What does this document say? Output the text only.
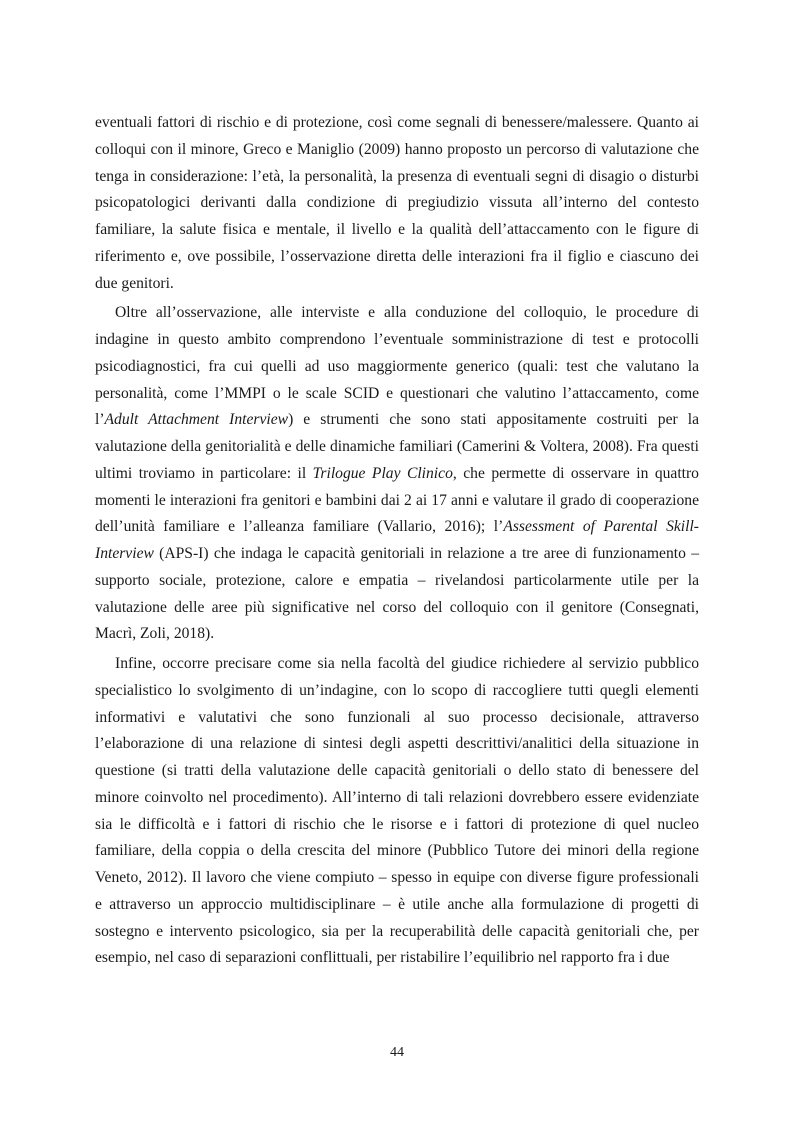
eventuali fattori di rischio e di protezione, così come segnali di benessere/malessere. Quanto ai colloqui con il minore, Greco e Maniglio (2009) hanno proposto un percorso di valutazione che tenga in considerazione: l’età, la personalità, la presenza di eventuali segni di disagio o disturbi psicopatologici derivanti dalla condizione di pregiudizio vissuta all’interno del contesto familiare, la salute fisica e mentale, il livello e la qualità dell’attaccamento con le figure di riferimento e, ove possibile, l’osservazione diretta delle interazioni fra il figlio e ciascuno dei due genitori.

Oltre all’osservazione, alle interviste e alla conduzione del colloquio, le procedure di indagine in questo ambito comprendono l’eventuale somministrazione di test e protocolli psicodiagnostici, fra cui quelli ad uso maggiormente generico (quali: test che valutano la personalità, come l’MMPI o le scale SCID e questionari che valutino l’attaccamento, come l’Adult Attachment Interview) e strumenti che sono stati appositamente costruiti per la valutazione della genitorialità e delle dinamiche familiari (Camerini & Voltera, 2008). Fra questi ultimi troviamo in particolare: il Trilogue Play Clinico, che permette di osservare in quattro momenti le interazioni fra genitori e bambini dai 2 ai 17 anni e valutare il grado di cooperazione dell’unità familiare e l’alleanza familiare (Vallario, 2016); l’Assessment of Parental Skill-Interview (APS-I) che indaga le capacità genitoriali in relazione a tre aree di funzionamento – supporto sociale, protezione, calore e empatia – rivelandosi particolarmente utile per la valutazione delle aree più significative nel corso del colloquio con il genitore (Consegnati, Macrì, Zoli, 2018).

Infine, occorre precisare come sia nella facoltà del giudice richiedere al servizio pubblico specialistico lo svolgimento di un’indagine, con lo scopo di raccogliere tutti quegli elementi informativi e valutativi che sono funzionali al suo processo decisionale, attraverso l’elaborazione di una relazione di sintesi degli aspetti descrittivi/analitici della situazione in questione (si tratti della valutazione delle capacità genitoriali o dello stato di benessere del minore coinvolto nel procedimento). All’interno di tali relazioni dovrebbero essere evidenziate sia le difficoltà e i fattori di rischio che le risorse e i fattori di protezione di quel nucleo familiare, della coppia o della crescita del minore (Pubblico Tutore dei minori della regione Veneto, 2012). Il lavoro che viene compiuto – spesso in equipe con diverse figure professionali e attraverso un approccio multidisciplinare – è utile anche alla formulazione di progetti di sostegno e intervento psicologico, sia per la recuperabilità delle capacità genitoriali che, per esempio, nel caso di separazioni conflittuali, per ristabilire l’equilibrio nel rapporto fra i due

44
